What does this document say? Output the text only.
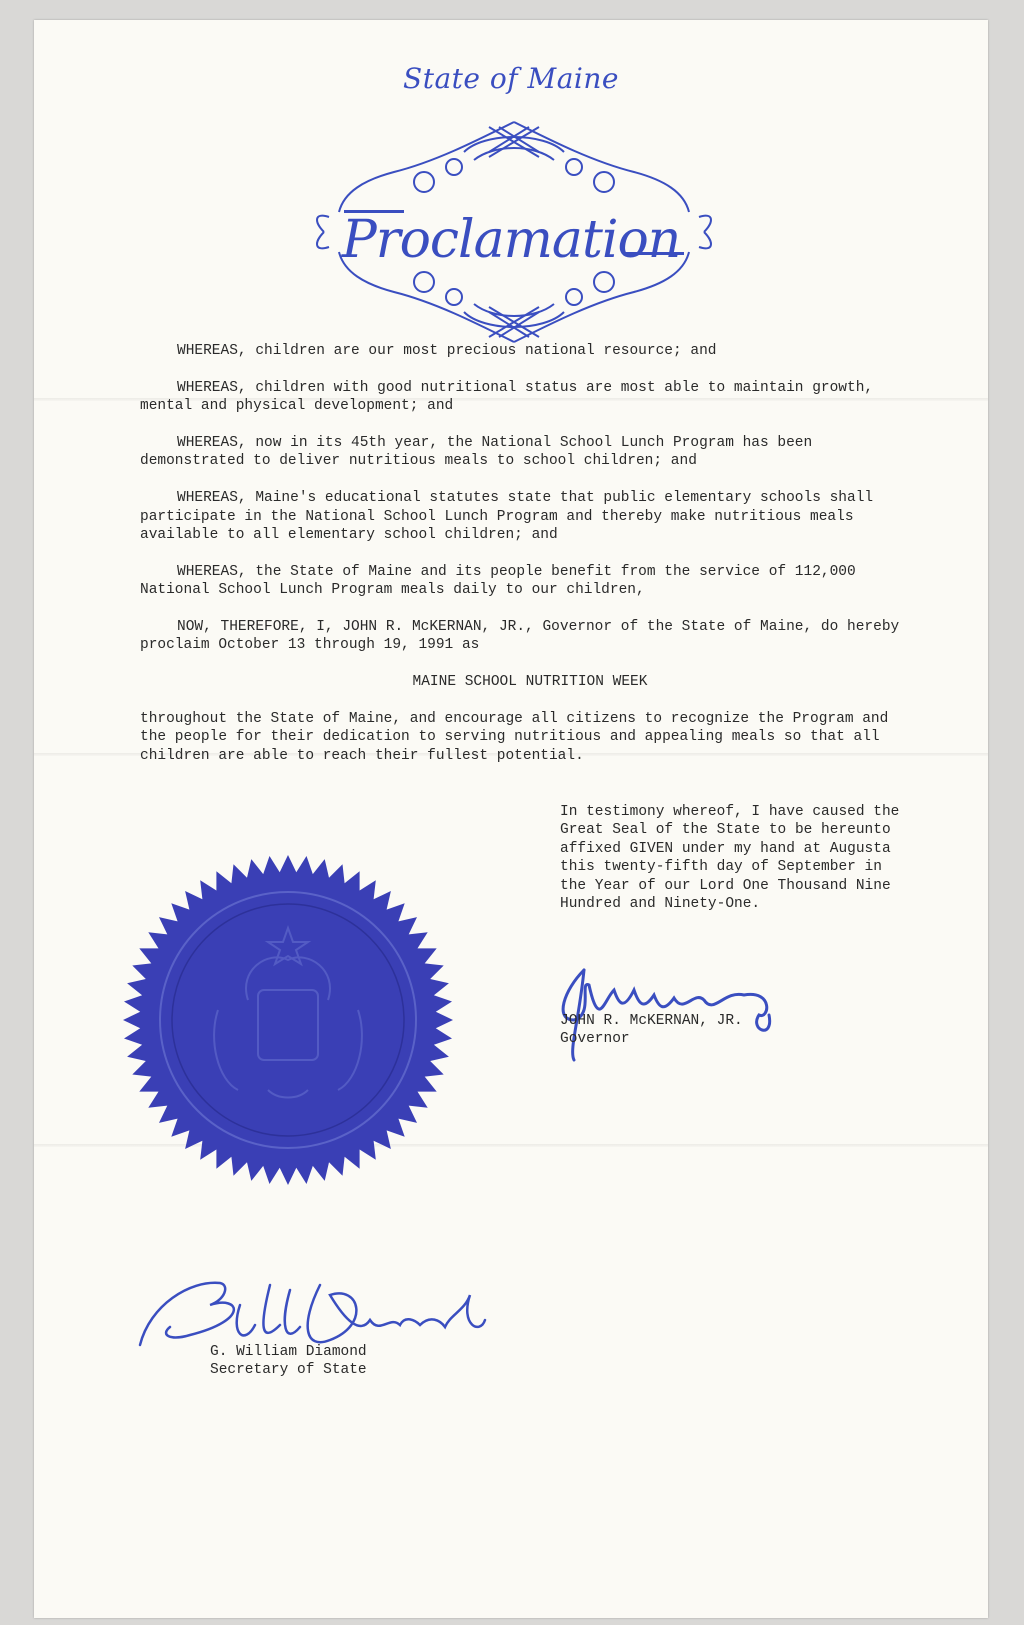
State of Maine
Proclamation

WHEREAS, children are our most precious national resource; and

WHEREAS, children with good nutritional status are most able to maintain growth, mental and physical development; and

WHEREAS, now in its 45th year, the National School Lunch Program has been demonstrated to deliver nutritious meals to school children; and

WHEREAS, Maine's educational statutes state that public elementary schools shall participate in the National School Lunch Program and thereby make nutritious meals available to all elementary school children; and

WHEREAS, the State of Maine and its people benefit from the service of 112,000 National School Lunch Program meals daily to our children,

NOW, THEREFORE, I, JOHN R. McKERNAN, JR., Governor of the State of Maine, do hereby proclaim October 13 through 19, 1991 as

MAINE SCHOOL NUTRITION WEEK

throughout the State of Maine, and encourage all citizens to recognize the Program and the people for their dedication to serving nutritious and appealing meals so that all children are able to reach their fullest potential.

In testimony whereof, I have caused the Great Seal of the State to be hereunto affixed GIVEN under my hand at Augusta this twenty-fifth day of September in the Year of our Lord One Thousand Nine Hundred and Ninety-One.
JOHN R. McKERNAN, JR.
Governor
G. William Diamond
Secretary of State
